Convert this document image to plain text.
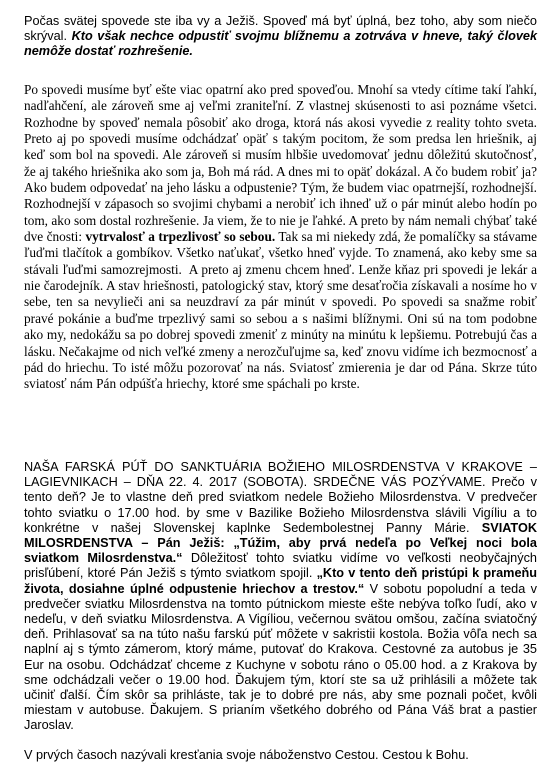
Počas svätej spovede ste iba vy a Ježiš. Spoveď má byť úplná, bez toho, aby som niečo skrýval. Kto však nechce odpustiť svojmu blížnemu a zotrváva v hneve, taký človek nemôže dostať rozhrešenie.

Po spovedi musíme byť ešte viac opatrní ako pred spoveďou. Mnohí sa vtedy cítime takí ľahkí, nadľahčení, ale zároveň sme aj veľmi zraniteľní. Z vlastnej skúsenosti to asi poznáme všetci. Rozhodne by spoveď nemala pôsobiť ako droga, ktorá nás akosi vyvedie z reality tohto sveta. Preto aj po spovedi musíme odchádzať opäť s takým pocitom, že som predsa len hriešnik, aj keď som bol na spovedi. Ale zároveň si musím hlbšie uvedomovať jednu dôležitú skutočnosť, že aj takého hriešnika ako som ja, Boh má rád. A dnes mi to opäť dokázal. A čo budem robiť ja? Ako budem odpovedať na jeho lásku a odpustenie? Tým, že budem viac opatrnejší, rozhodnejší. Rozhodnejší v zápasoch so svojimi chybami a nerobiť ich ihneď už o pár minút alebo hodín po tom, ako som dostal rozhrešenie. Ja viem, že to nie je ľahké. A preto by nám nemali chýbať také dve čnosti: vytrvalosť a trpezlivosť so sebou. Tak sa mi niekedy zdá, že pomalíčky sa stávame ľuďmi tlačítok a gombíkov. Všetko naťukať, všetko hneď vyjde. To znamená, ako keby sme sa stávali ľuďmi samozrejmosti. A preto aj zmenu chcem hneď. Lenže kňaz pri spovedi je lekár a nie čarodejník. A stav hriešnosti, patologický stav, ktorý sme desaťročia získavali a nosíme ho v sebe, ten sa nevylieči ani sa neuzdraví za pár minút v spovedi. Po spovedi sa snažme robiť pravé pokánie a buďme trpezlivý sami so sebou a s našimi blížnymi. Oni sú na tom podobne ako my, nedokážu sa po dobrej spovedi zmeniť z minúty na minútu k lepšiemu. Potrebujú čas a lásku. Nečakajme od nich veľké zmeny a nerozčuľujme sa, keď znovu vidíme ich bezmocnosť a pád do hriechu. To isté môžu pozorovať na nás. Sviatosť zmierenia je dar od Pána. Skrze túto sviatosť nám Pán odpúšťa hriechy, ktoré sme spáchali po krste.

NAŠA FARSKÁ PÚŤ DO SANKTUÁRIA BOŽIEHO MILOSRDENSTVA V KRAKOVE – LAGIEVNIKACH – DŇA 22. 4. 2017 (SOBOTA). SRDEČNE VÁS POZÝVAME. Prečo v tento deň? Je to vlastne deň pred sviatkom nedele Božieho Milosrdenstva. V predvečer tohto sviatku o 17.00 hod. by sme v Bazilike Božieho Milosrdenstva slávili Vigíliu a to konkrétne v našej Slovenskej kaplnke Sedembolestnej Panny Márie. SVIATOK MILOSRDENSTVA – Pán Ježiš: „Túžim, aby prvá nedeľa po Veľkej noci bola sviatkom Milosrdenstva.“ Dôležitosť tohto sviatku vidíme vo veľkosti neobyčajných prisľúbení, ktoré Pán Ježiš s týmto sviatkom spojil. „Kto v tento deň pristúpi k prameňu života, dosiahne úplné odpustenie hriechov a trestov.“ V sobotu popoludní a teda v predvečer sviatku Milosrdenstva na tomto pútnickom mieste ešte nebýva toľko ľudí, ako v nedeľu, v deň sviatku Milosrdenstva. A Vigíliou, večernou svätou omšou, začína sviatočný deň. Prihlasovať sa na túto našu farskú púť môžete v sakristii kostola. Božia vôľa nech sa naplní aj s týmto zámerom, ktorý máme, putovať do Krakova. Cestovné za autobus je 35 Eur na osobu. Odchádzať chceme z Kuchyne v sobotu ráno o 05.00 hod. a z Krakova by sme odchádzali večer o 19.00 hod. Ďakujem tým, ktorí ste sa už prihlásili a môžete tak učiniť ďalší. Čím skôr sa prihláste, tak je to dobré pre nás, aby sme poznali počet, kvôli miestam v autobuse. Ďakujem. S prianím všetkého dobrého od Pána Váš brat a pastier Jaroslav.

V prvých časoch nazývali kresťania svoje náboženstvo Cestou. Cestou k Bohu.
